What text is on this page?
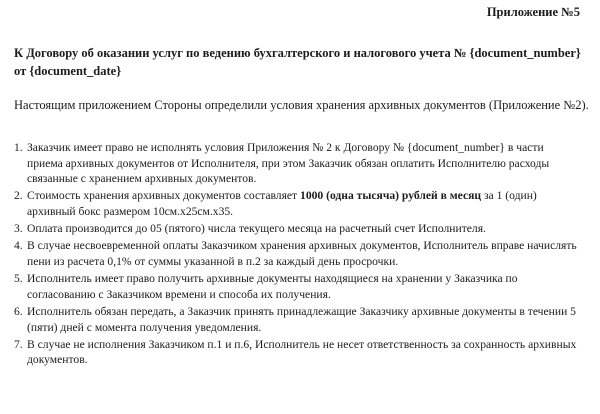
Приложение №5
К Договору об оказании услуг по ведению бухгалтерского и налогового учета № {document_number} от {document_date}
Настоящим приложением Стороны определили условия хранения архивных документов (Приложение №2).
1. Заказчик имеет право не исполнять условия Приложения № 2 к Договору № {document_number} в части приема архивных документов от Исполнителя, при этом Заказчик обязан оплатить Исполнителю расходы связанные с хранением архивных документов.
2. Стоимость хранения архивных документов составляет 1000 (одна тысяча) рублей в месяц за 1 (один) архивный бокс размером 10см.х25см.х35.
3. Оплата производится до 05 (пятого) числа текущего месяца на расчетный счет Исполнителя.
4. В случае несвоевременной оплаты Заказчиком хранения архивных документов, Исполнитель вправе начислять пени из расчета 0,1% от суммы указанной в п.2 за каждый день просрочки.
5. Исполнитель имеет право получить архивные документы находящиеся на хранении у Заказчика по согласованию с Заказчиком времени и способа их получения.
6. Исполнитель обязан передать, а Заказчик принять принадлежащие Заказчику архивные документы в течении 5 (пяти) дней с момента получения уведомления.
7. В случае не исполнения Заказчиком п.1 и п.6, Исполнитель не несет ответственность за сохранность архивных документов.
